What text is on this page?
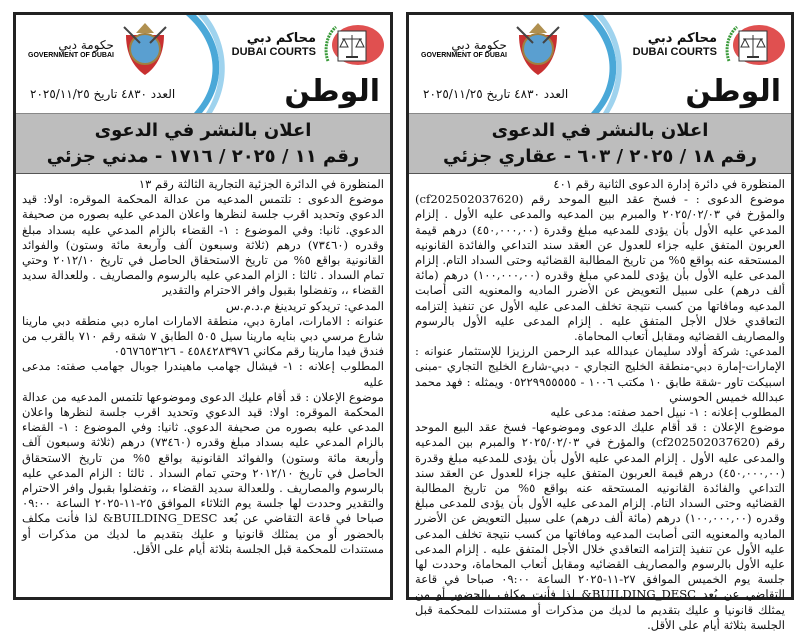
محاكم دبي
DUBAI COURTS
حكومة دبي
GOVERNMENT OF DUBAI
العدد ٤٨٣٠ تاريخ ٢٠٢٥/١١/٢٥	الوطن
اعلان بالنشر في الدعوى
رقم ١١ / ٢٠٢٥ / ١٧١٦ - مدني جزئي

المنظورة في الدائرة الجزئية التجارية الثالثة رقم ١٣

موضوع الدعوى : تلتمس المدعيه من عدالة المحكمة الموقره: اولا: قيد الدعوي وتحديد اقرب جلسة لنظرها واعلان المدعي عليه بصوره من صحيفة الدعوي. ثانيا: وفي الموضوع : ١- القضاء بالزام المدعي عليه بسداد مبلغ وقدره (٧٣٤٦٠) درهم (ثلاثة وسبعون آلف وآربعة مائة وستون) والفوائد القانونية بواقع ٥% من تاريخ الاستحقاق الحاصل في تاريخ ٢٠١٢/١٠ وحتي تمام السداد . ثالثا : الزام المدعي عليه بالرسوم والمصاريف . وللعدالة سديد القضاء ،، وتفضلوا بقبول وافر الاحترام والتقدير

المدعي: تريدكو تريدينغ م.د.م.س

عنوانه : الامارات، امارة دبي، منطقة الامارات اماره دبي منطقه دبي مارينا شارع مرسي دبي بنايه مارينا سيل ٥٠٥ الطابق ٧ شقه رقم ٧١٠ بالقرب من فندق فيدا مارينا رقم مكاني ٤٥٨٤٢٨٣٩٧٦ - ٠٥٦٧٦٥٣٦٢٦

المطلوب إعلانه : ١- فيشال جهامب ماهيندرا جوبال جهامب صفته: مدعى عليه

موضوع الإعلان : قد أقام عليك الدعوى وموضوعها تلتمس المدعيه من عدالة المحكمة الموقره: اولا: قيد الدعوي وتحديد اقرب جلسة لنظرها واعلان المدعي عليه بصوره من صحيفة الدعوي. ثانيا: وفي الموضوع : ١- القضاء بالزام المدعي عليه بسداد مبلغ وقدره (٧٣٤٦٠) درهم (ثلاثة وسبعون آلف وأربعة مائة وستون) والفوائد القانونية بواقع ٥% من تاريخ الاستحقاق الحاصل في تاريخ ٢٠١٢/١٠ وحتي تمام السداد . ثالثا : الزام المدعي عليه بالرسوم والمصاريف . وللعدالة سديد القضاء ،، وتفضلوا بقبول وافر الاحترام والتقدير وحددت لها جلسة يوم الثلاثاء الموافق ٢٥-١١-٢٠٢٥ الساعة ٠٩:٠٠ صباحا في قاعة التقاضي عن بُعد BUILDING_DESC& لذا فأنت مكلف بالحضور أو من يمثلك قانونيا و عليك بتقديم ما لديك من مذكرات أو مستندات للمحكمة قبل الجلسة بثلاثة أيام على الأقل.

محاكم دبي
DUBAI COURTS
حكومة دبي
GOVERNMENT OF DUBAI
العدد ٤٨٣٠ تاريخ ٢٠٢٥/١١/٢٥	الوطن
اعلان بالنشر في الدعوى
رقم ١٨ / ٢٠٢٥ / ٦٠٣ - عقاري جزئي

المنظورة في دائرة إدارة الدعوى الثانية رقم ٤٠١

موضوع الدعوى : - فسخ عقد البيع الموحد رقم (cf202502037620) والمؤرخ في ٢٠٢٥/٠٢/٠٣ والمبرم بين المدعيه والمدعى عليه الأول . إلزام المدعي عليه الأول بأن يؤدى للمدعيه مبلغ وقدرة (٤٥٠,٠٠٠,٠٠) درهم قيمة العربون المتفق عليه جزاء للعدول عن العقد سند التداعي والفائدة القانونيه المستحقه عنه بواقع ٥% من تاريخ المطالبة القضائيه وحتى السداد التام. إلزام المدعى عليه الأول بأن يؤدى للمدعي مبلغ وقدره (١٠٠,٠٠٠,٠٠) درهم (مائة ألف درهم) على سبيل التعويض عن الأضرر الماديه والمعنويه التى أصابت المدعيه ومافاتها من كسب نتيجة تخلف المدعى عليه الأول عن تنفيذ إلتزامه التعاقدي خلال الأجل المتفق عليه . إلزام المدعى عليه الأول بالرسوم والمصاريف القضائيه ومقابل أتعاب المحاماة.

المدعي: شركة أولاد سليمان عبدالله عبد الرحمن الرزيزا للإستثمار عنوانه : الإمارات-إمارة دبي-منطقة الخليج التجاري - دبي-شارع الخليج التجاري -مبنى اسبيكت تاور -شقة طابق ١٠ مكتب ١٠٠٦ - ٠٥٢٢٩٩٥٥٥٥٥ ويمثله : فهد محمد عبدالله خميس الحوسني

المطلوب إعلانه : ١- نبيل احمد صفته: مدعى عليه

موضوع الإعلان : قد أقام عليك الدعوى وموضوعها- فسخ عقد البيع الموحد رقم (cf202502037620) والمؤرخ في ٢٠٢٥/٠٢/٠٣ والمبرم بين المدعيه والمدعى عليه الأول . إلزام المدعي عليه الأول بأن يؤدى للمدعيه مبلغ وقدرة (٤٥٠,٠٠٠,٠٠) درهم قيمة العربون المتفق عليه جزاء للعدول عن العقد سند التداعي والفائدة القانونيه المستحقه عنه بواقع ٥% من تاريخ المطالبة القضائيه وحتى السداد التام. إلزام المدعى عليه الأول بأن يؤدى للمدعى مبلغ وقدره (١٠٠,٠٠٠,٠٠) درهم (مائة ألف درهم) على سبيل التعويض عن الأضرر الماديه والمعنويه التى أصابت المدعيه ومافاتها من كسب نتيجة تخلف المدعى عليه الأول عن تنفيذ إلتزامه التعاقدي خلال الأجل المتفق عليه . إلزام المدعى عليه الأول بالرسوم والمصاريف القضائيه ومقابل أتعاب المحاماة، وحددت لها جلسة يوم الخميس الموافق ٢٧-١١-٢٠٢٥ الساعة ٠٩:٠٠ صباحا في قاعة التقاضي عن بُعد BUILDING_DESC& لذا فأنت مكلف بالحضور أو من يمثلك قانونيا و عليك بتقديم ما لديك من مذكرات أو مستندات للمحكمة قبل الجلسة بثلاثة أيام على الأقل.
